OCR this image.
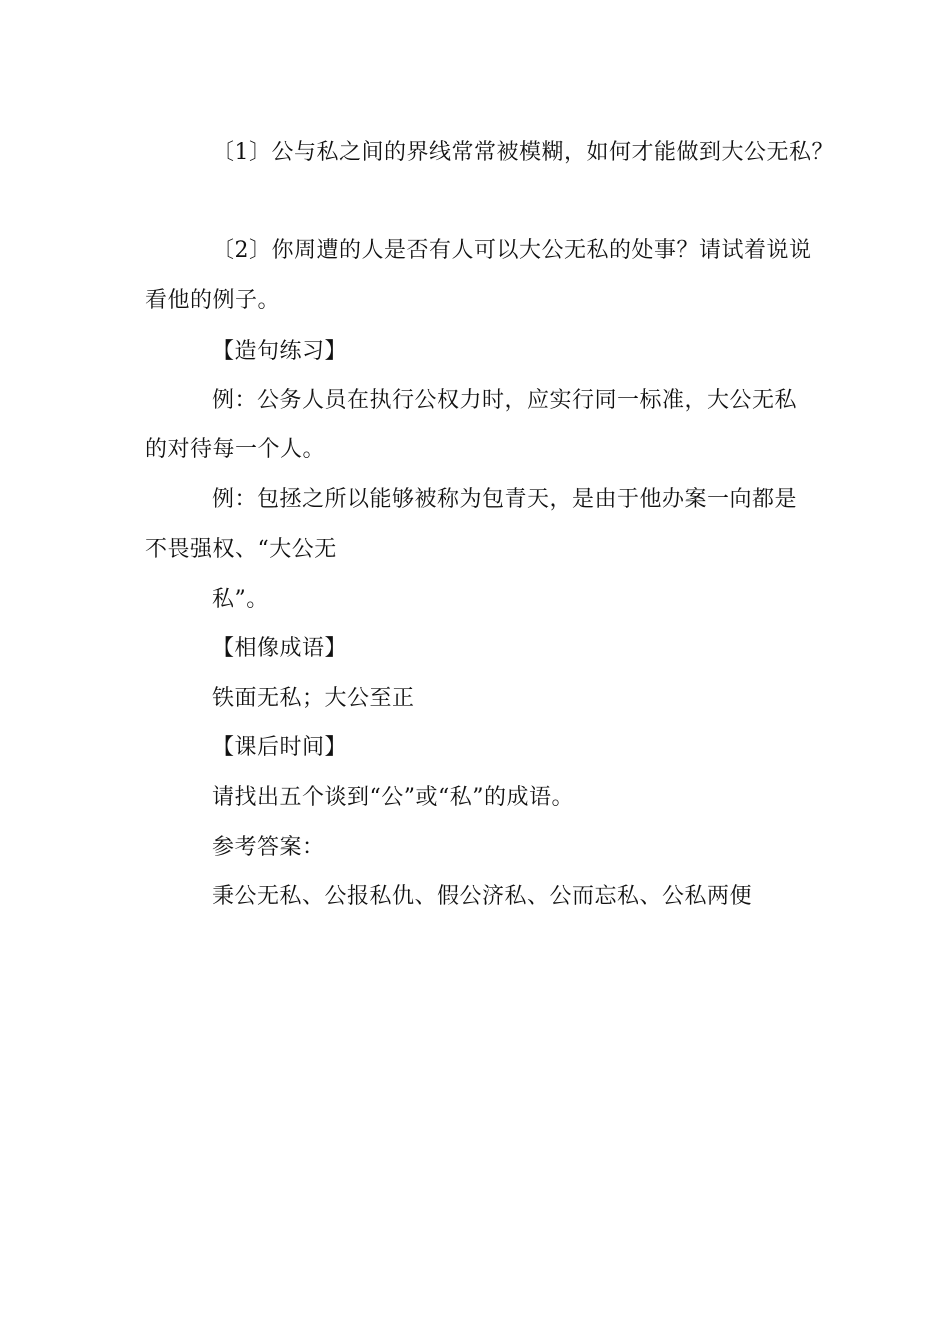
〔1〕公与私之间的界线常常被模糊，如何才能做到大公无私？
〔2〕你周遭的人是否有人可以大公无私的处事？请试着说说
看他的例子。
【造句练习】
例：公务人员在执行公权力时，应实行同一标准，大公无私
的对待每一个人。
例：包拯之所以能够被称为包青天，是由于他办案一向都是
不畏强权、“大公无
私”。
【相像成语】
铁面无私；大公至正
【课后时间】
请找出五个谈到“公”或“私”的成语。
参考答案：
秉公无私、公报私仇、假公济私、公而忘私、公私两便
